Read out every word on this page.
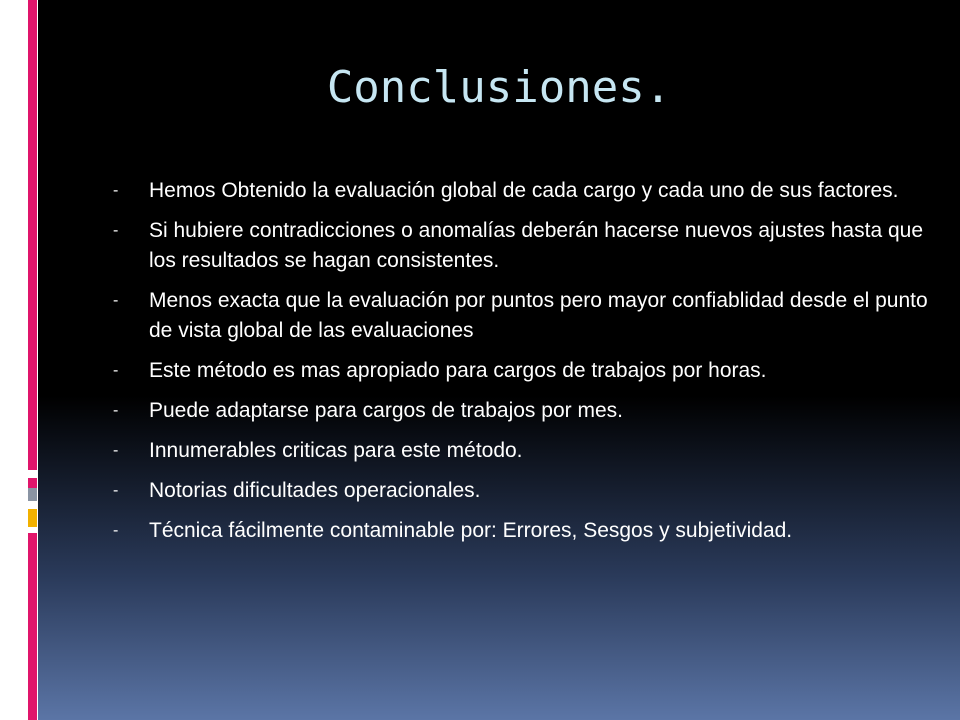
Conclusiones.
- Hemos Obtenido la evaluación global de cada cargo y cada uno de sus factores.
- Si hubiere contradicciones o anomalías deberán hacerse nuevos ajustes hasta que los resultados se hagan consistentes.
- Menos exacta que la evaluación por puntos pero mayor confiablidad desde el punto de vista global de las evaluaciones
- Este método es mas apropiado para cargos de trabajos por horas.
- Puede adaptarse para cargos de trabajos por mes.
- Innumerables criticas para este método.
- Notorias dificultades operacionales.
- Técnica fácilmente contaminable por: Errores, Sesgos y subjetividad.
